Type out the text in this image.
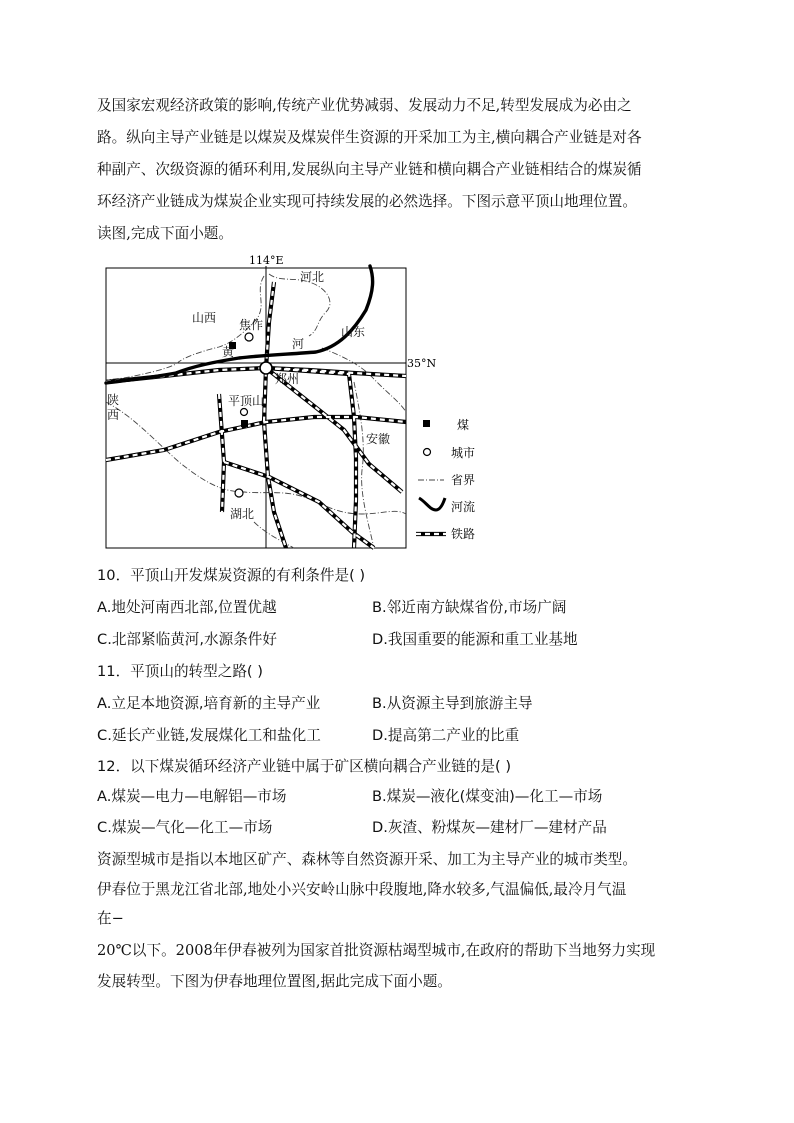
及国家宏观经济政策的影响,传统产业优势减弱、发展动力不足,转型发展成为必由之
路。纵向主导产业链是以煤炭及煤炭伴生资源的开采加工为主,横向耦合产业链是对各
种副产、次级资源的循环利用,发展纵向主导产业链和横向耦合产业链相结合的煤炭循
环经济产业链成为煤炭企业实现可持续发展的必然选择。下图示意平顶山地理位置。
读图,完成下面小题。
114°E
35°N
河北
山西 焦作	山东
黄
河
郑州
陕
西
平顶山
安徽
湖北
煤
城市
省界
河流
铁路
10．平顶山开发煤炭资源的有利条件是( )
A.地处河南西北部,位置优越	B.邻近南方缺煤省份,市场广阔
C.北部紧临黄河,水源条件好	D.我国重要的能源和重工业基地
11．平顶山的转型之路( )
A.立足本地资源,培育新的主导产业	B.从资源主导到旅游主导
C.延长产业链,发展煤化工和盐化工	D.提高第二产业的比重
12．以下煤炭循环经济产业链中属于矿区横向耦合产业链的是( )
A.煤炭—电力—电解铝—市场	B.煤炭—液化(煤变油)—化工—市场
C.煤炭—气化—化工—市场	D.灰渣、粉煤灰—建材厂—建材产品
资源型城市是指以本地区矿产、森林等自然资源开采、加工为主导产业的城市类型。
伊春位于黑龙江省北部,地处小兴安岭山脉中段腹地,降水较多,气温偏低,最冷月气温
在−
20℃以下。2008年伊春被列为国家首批资源枯竭型城市,在政府的帮助下当地努力实现
发展转型。下图为伊春地理位置图,据此完成下面小题。
